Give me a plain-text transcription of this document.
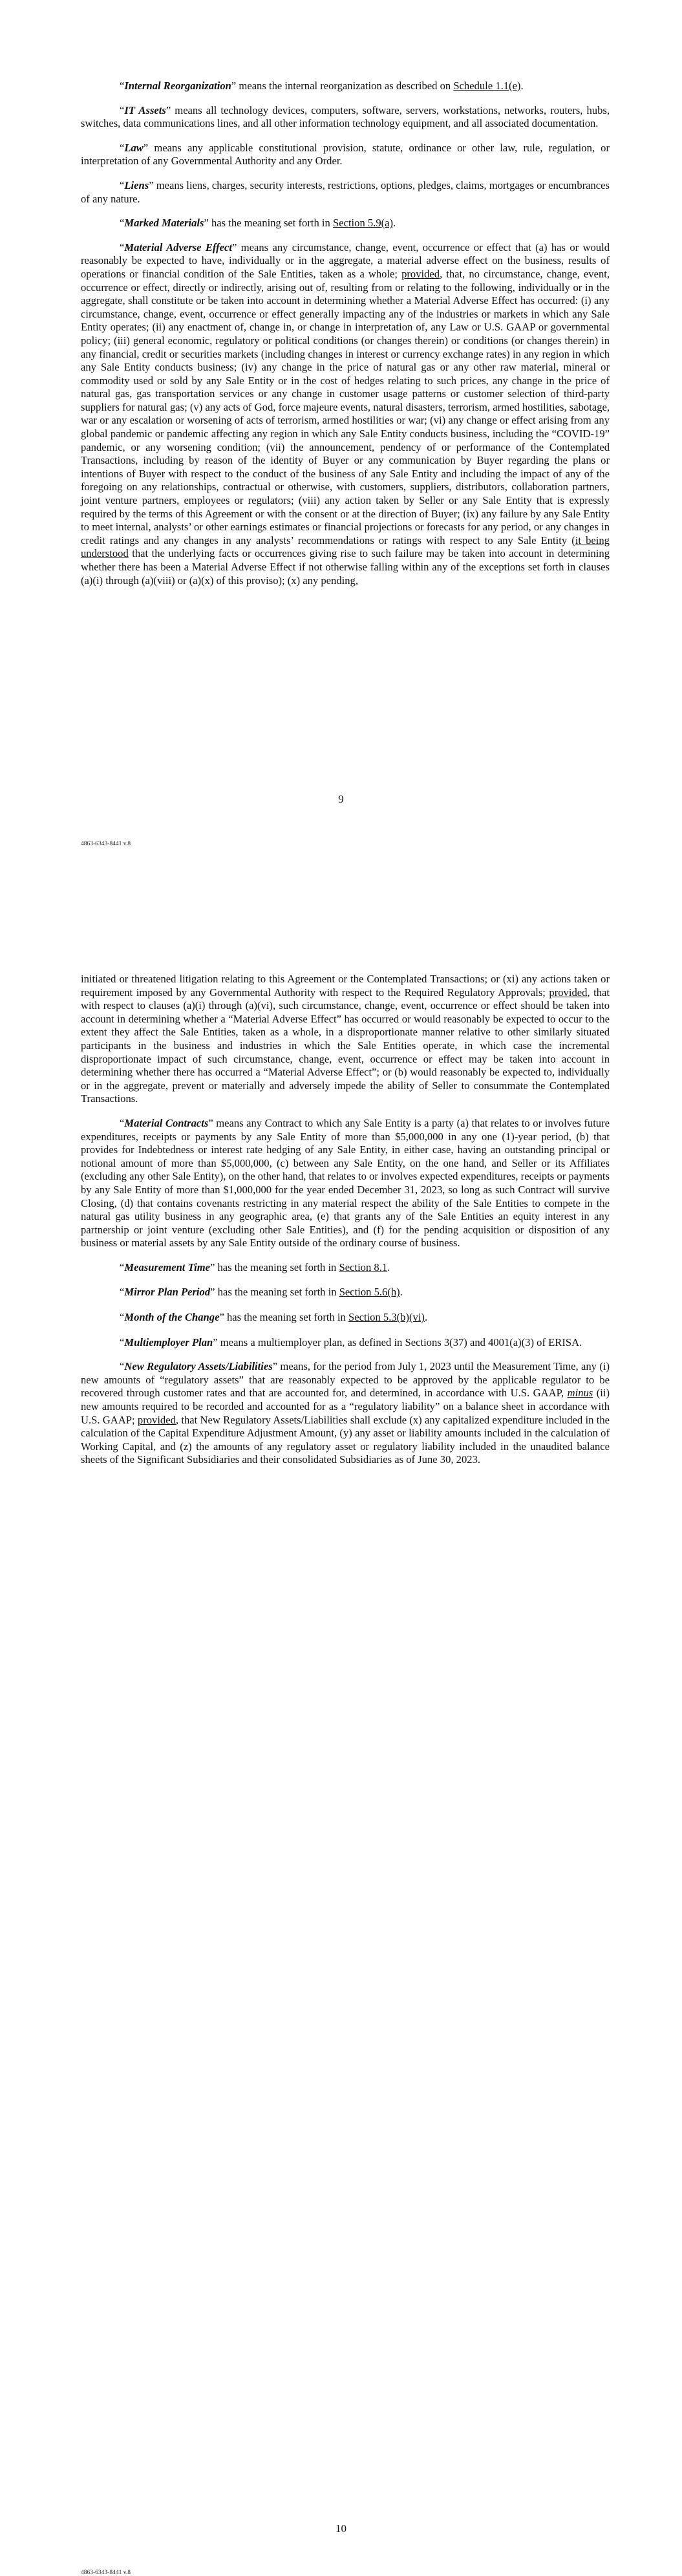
“Internal Reorganization” means the internal reorganization as described on Schedule 1.1(e).

“IT Assets” means all technology devices, computers, software, servers, workstations, networks, routers, hubs, switches, data communications lines, and all other information technology equipment, and all associated documentation.

“Law” means any applicable constitutional provision, statute, ordinance or other law, rule, regulation, or interpretation of any Governmental Authority and any Order.

“Liens” means liens, charges, security interests, restrictions, options, pledges, claims, mortgages or encumbrances of any nature.

“Marked Materials” has the meaning set forth in Section 5.9(a).

“Material Adverse Effect” means any circumstance, change, event, occurrence or effect that (a) has or would reasonably be expected to have, individually or in the aggregate, a material adverse effect on the business, results of operations or financial condition of the Sale Entities, taken as a whole; provided, that, no circumstance, change, event, occurrence or effect, directly or indirectly, arising out of, resulting from or relating to the following, individually or in the aggregate, shall constitute or be taken into account in determining whether a Material Adverse Effect has occurred: (i) any circumstance, change, event, occurrence or effect generally impacting any of the industries or markets in which any Sale Entity operates; (ii) any enactment of, change in, or change in interpretation of, any Law or U.S. GAAP or governmental policy; (iii) general economic, regulatory or political conditions (or changes therein) or conditions (or changes therein) in any financial, credit or securities markets (including changes in interest or currency exchange rates) in any region in which any Sale Entity conducts business; (iv) any change in the price of natural gas or any other raw material, mineral or commodity used or sold by any Sale Entity or in the cost of hedges relating to such prices, any change in the price of natural gas, gas transportation services or any change in customer usage patterns or customer selection of third-party suppliers for natural gas; (v) any acts of God, force majeure events, natural disasters, terrorism, armed hostilities, sabotage, war or any escalation or worsening of acts of terrorism, armed hostilities or war; (vi) any change or effect arising from any global pandemic or pandemic affecting any region in which any Sale Entity conducts business, including the “COVID-19” pandemic, or any worsening condition; (vii) the announcement, pendency of or performance of the Contemplated Transactions, including by reason of the identity of Buyer or any communication by Buyer regarding the plans or intentions of Buyer with respect to the conduct of the business of any Sale Entity and including the impact of any of the foregoing on any relationships, contractual or otherwise, with customers, suppliers, distributors, collaboration partners, joint venture partners, employees or regulators; (viii) any action taken by Seller or any Sale Entity that is expressly required by the terms of this Agreement or with the consent or at the direction of Buyer; (ix) any failure by any Sale Entity to meet internal, analysts’ or other earnings estimates or financial projections or forecasts for any period, or any changes in credit ratings and any changes in any analysts’ recommendations or ratings with respect to any Sale Entity (it being understood that the underlying facts or occurrences giving rise to such failure may be taken into account in determining whether there has been a Material Adverse Effect if not otherwise falling within any of the exceptions set forth in clauses (a)(i) through (a)(viii) or (a)(x) of this proviso); (x) any pending,

9
4863-6343-8441 v.8

initiated or threatened litigation relating to this Agreement or the Contemplated Transactions; or (xi) any actions taken or requirement imposed by any Governmental Authority with respect to the Required Regulatory Approvals; provided, that with respect to clauses (a)(i) through (a)(vi), such circumstance, change, event, occurrence or effect should be taken into account in determining whether a “Material Adverse Effect” has occurred or would reasonably be expected to occur to the extent they affect the Sale Entities, taken as a whole, in a disproportionate manner relative to other similarly situated participants in the business and industries in which the Sale Entities operate, in which case the incremental disproportionate impact of such circumstance, change, event, occurrence or effect may be taken into account in determining whether there has occurred a “Material Adverse Effect”; or (b) would reasonably be expected to, individually or in the aggregate, prevent or materially and adversely impede the ability of Seller to consummate the Contemplated Transactions.

“Material Contracts” means any Contract to which any Sale Entity is a party (a) that relates to or involves future expenditures, receipts or payments by any Sale Entity of more than $5,000,000 in any one (1)-year period, (b) that provides for Indebtedness or interest rate hedging of any Sale Entity, in either case, having an outstanding principal or notional amount of more than $5,000,000, (c) between any Sale Entity, on the one hand, and Seller or its Affiliates (excluding any other Sale Entity), on the other hand, that relates to or involves expected expenditures, receipts or payments by any Sale Entity of more than $1,000,000 for the year ended December 31, 2023, so long as such Contract will survive Closing, (d) that contains covenants restricting in any material respect the ability of the Sale Entities to compete in the natural gas utility business in any geographic area, (e) that grants any of the Sale Entities an equity interest in any partnership or joint venture (excluding other Sale Entities), and (f) for the pending acquisition or disposition of any business or material assets by any Sale Entity outside of the ordinary course of business.

“Measurement Time” has the meaning set forth in Section 8.1.

“Mirror Plan Period” has the meaning set forth in Section 5.6(h).

“Month of the Change” has the meaning set forth in Section 5.3(b)(vi).

“Multiemployer Plan” means a multiemployer plan, as defined in Sections 3(37) and 4001(a)(3) of ERISA.

“New Regulatory Assets/Liabilities” means, for the period from July 1, 2023 until the Measurement Time, any (i) new amounts of “regulatory assets” that are reasonably expected to be approved by the applicable regulator to be recovered through customer rates and that are accounted for, and determined, in accordance with U.S. GAAP, minus (ii) new amounts required to be recorded and accounted for as a “regulatory liability” on a balance sheet in accordance with U.S. GAAP; provided, that New Regulatory Assets/Liabilities shall exclude (x) any capitalized expenditure included in the calculation of the Capital Expenditure Adjustment Amount, (y) any asset or liability amounts included in the calculation of Working Capital, and (z) the amounts of any regulatory asset or regulatory liability included in the unaudited balance sheets of the Significant Subsidiaries and their consolidated Subsidiaries as of June 30, 2023.

10
4863-6343-8441 v.8
